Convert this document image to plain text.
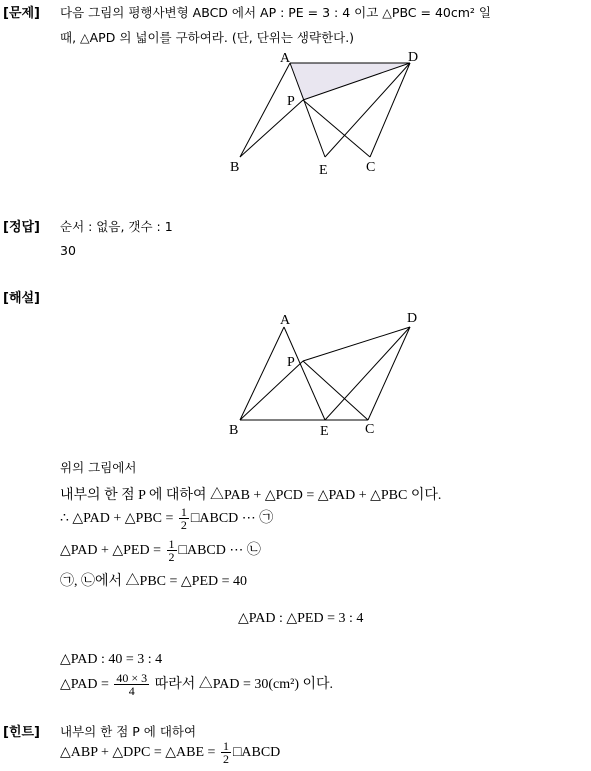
[문제] 다음 그림의 평행사변형 ABCD 에서 AP : PE = 3 : 4 이고 △PBC = 40cm² 일
때, △APD 의 넓이를 구하여라. (단, 단위는 생략한다.)
A	D
P
B	E	C
[정답] 순서 : 없음, 갯수 : 1
30
[해설]
A	D
P
B	E	C
위의 그림에서
내부의 한 점 P 에 대하여 △PAB + △PCD = △PAD + △PBC 이다.
∴ △PAD + △PBC = $\frac{1}{2}$ □ABCD ⋯ ㉠
△PAD + △PED = $\frac{1}{2}$ □ABCD ⋯ ㉡
㉠, ㉡에서 △PBC = △PED = 40
△PAD : △PED = 3 : 4
△PAD : 40 = 3 : 4
△PAD = $\frac{40 \times 3}{4}$ 따라서 △PAD = 30(cm²) 이다.
[힌트] 내부의 한 점 P 에 대하여
△ABP + △DPC = △ABE = $\frac{1}{2}$ □ABCD
